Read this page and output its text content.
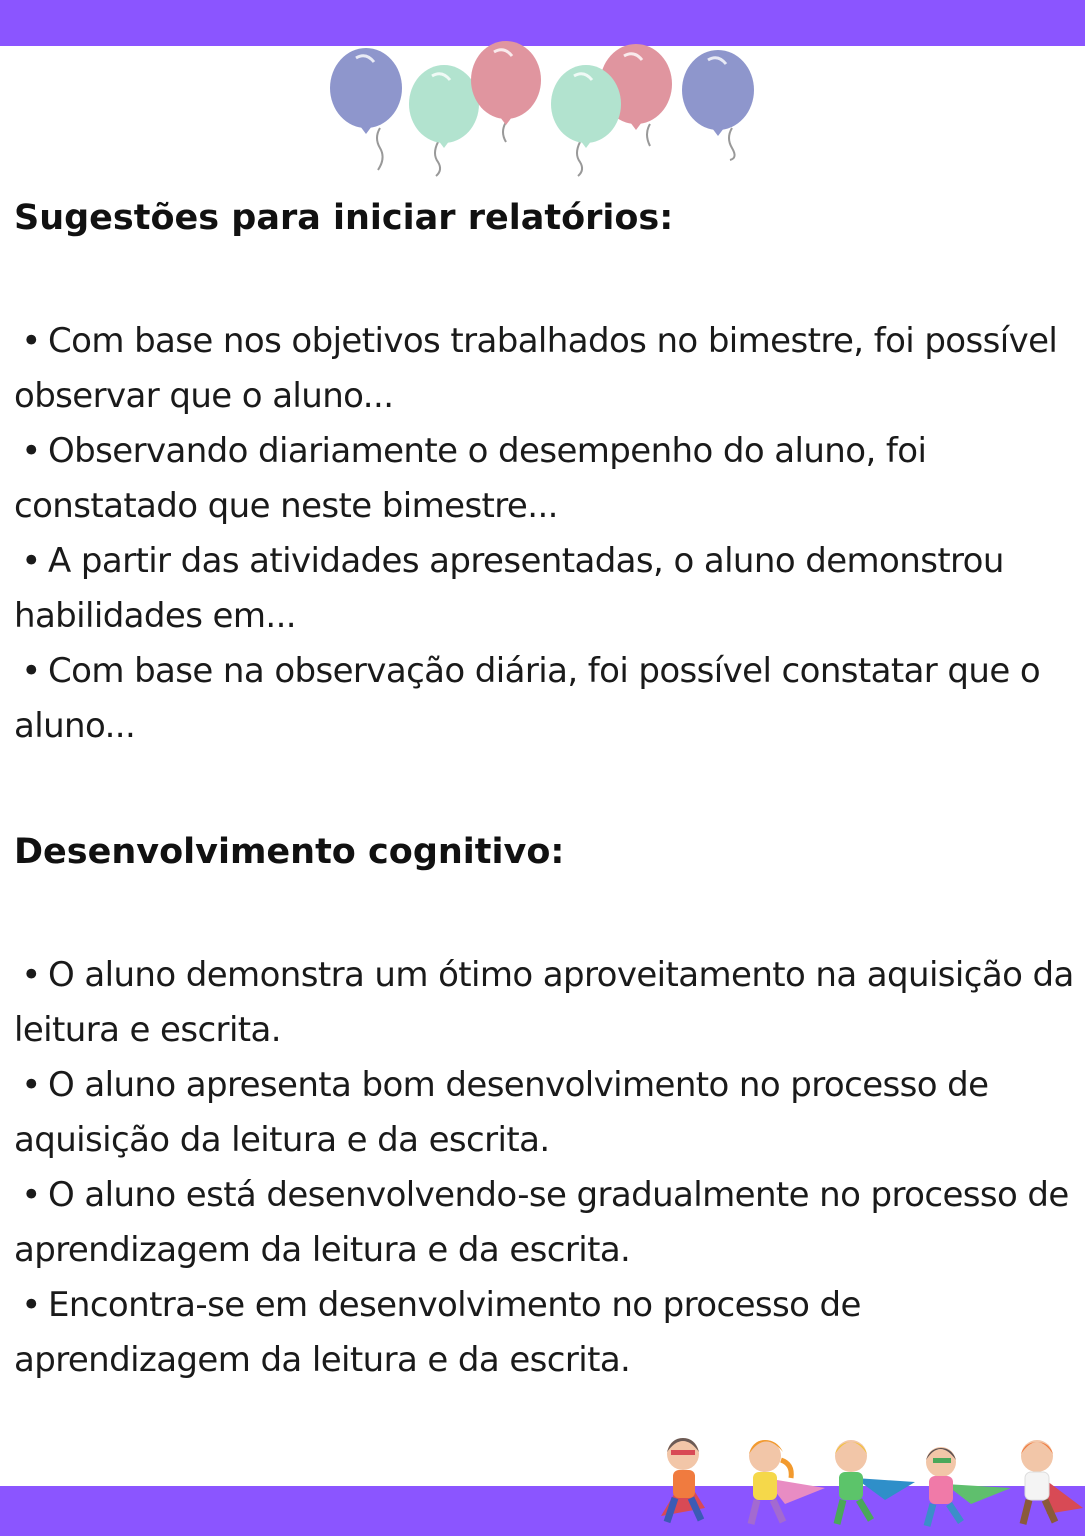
Sugestões para iniciar relatórios:
• Com base nos objetivos trabalhados no bimestre, foi possível observar que o aluno...
• Observando diariamente o desempenho do aluno, foi constatado que neste bimestre...
• A partir das atividades apresentadas, o aluno demonstrou habilidades em...
• Com base na observação diária, foi possível constatar que o aluno...
Desenvolvimento cognitivo:
• O aluno demonstra um ótimo aproveitamento na aquisição da leitura e escrita.
• O aluno apresenta bom desenvolvimento no processo de aquisição da leitura e da escrita.
• O aluno está desenvolvendo-se gradualmente no processo de aprendizagem da leitura e da escrita.
• Encontra-se em desenvolvimento no processo de aprendizagem da leitura e da escrita.
